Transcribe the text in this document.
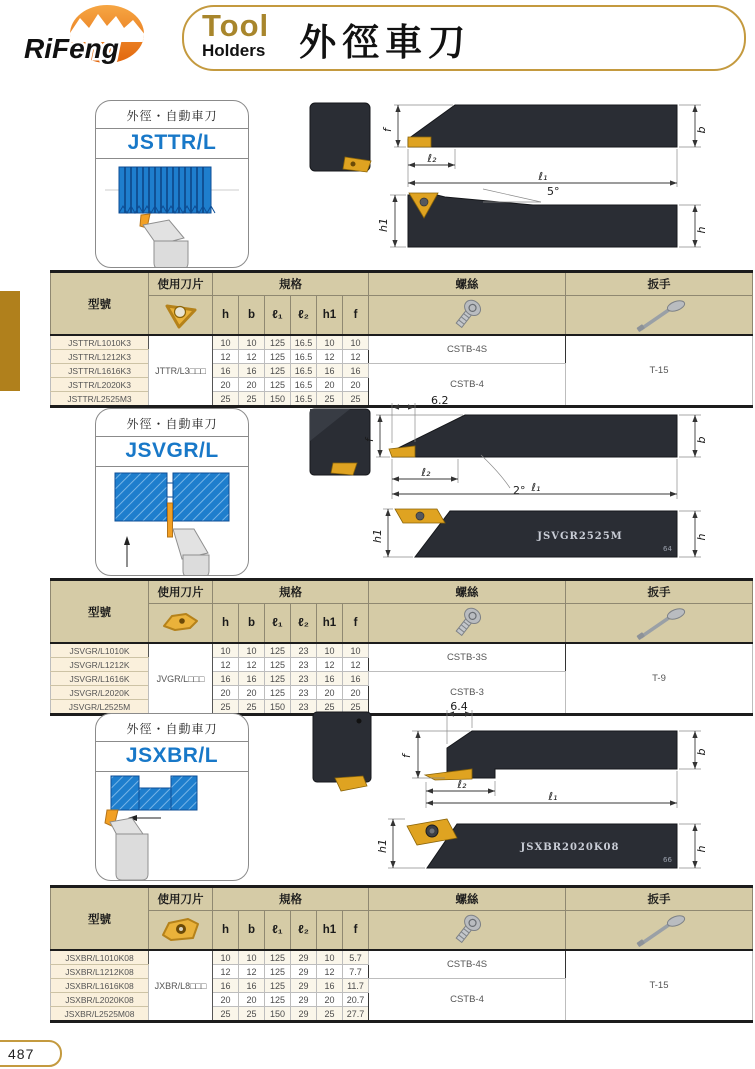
RiFeng
Tool
Holders 外徑車刀
外徑・自動車刀
JSTTR/L
f
ℓ₂
ℓ₁
b
5°
h1	h
型號	使用刀片	規格						螺絲	扳手

	h	b	ℓ₁	ℓ₂	h1	f	

JSTTR/L1010K3	JTTR/L3□□□	10	10	125	16.5	10	10	CSTB-4S	T-15
JSTTR/L1212K3		12	12	125	16.5	12	12		
JSTTR/L1616K3		16	16	125	16.5	16	16	CSTB-4	
JSTTR/L2020K3		20	20	125	16.5	20	20		
JSTTR/L2525M3		25	25	150	16.5	25	25		
外徑・自動車刀
JSVGR/L
6.2
f
2°
ℓ₂
ℓ₁
b
JSVGR2525M
64
h1	h
型號	使用刀片	規格						螺絲	扳手

	h	b	ℓ₁	ℓ₂	h1	f	

JSVGR/L1010K	JVGR/L□□□	10	10	125	23	10	10	CSTB-3S	T-9
JSVGR/L1212K		12	12	125	23	12	12		
JSVGR/L1616K		16	16	125	23	16	16	CSTB-3	
JSVGR/L2020K		20	20	125	23	20	20		
JSVGR/L2525M		25	25	150	23	25	25		
外徑・自動車刀
JSXBR/L
6.4
f
ℓ₂
ℓ₁
b
JSXBR2020K08
66
h1	h
型號	使用刀片	規格						螺絲	扳手

	h	b	ℓ₁	ℓ₂	h1	f	

JSXBR/L1010K08	JXBR/L8□□□	10	10	125	29	10	5.7	CSTB-4S	T-15
JSXBR/L1212K08		12	12	125	29	12	7.7		
JSXBR/L1616K08		16	16	125	29	16	11.7	CSTB-4	
JSXBR/L2020K08		20	20	125	29	20	20.7		
JSXBR/L2525M08		25	25	150	29	25	27.7		
487
